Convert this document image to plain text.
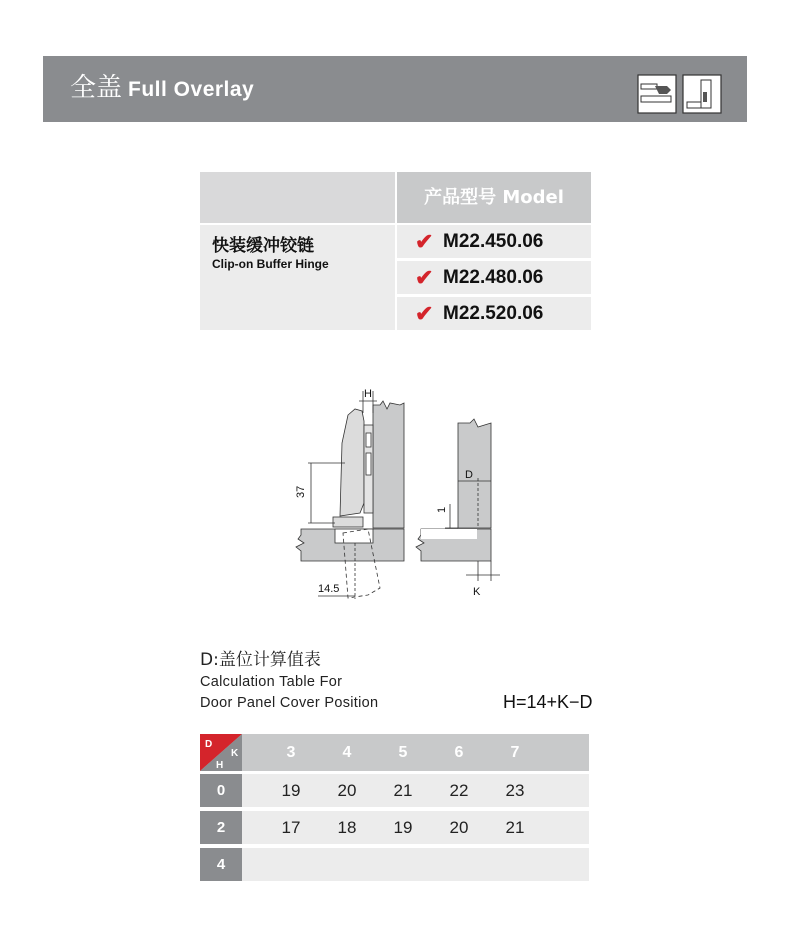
全盖 Full Overlay
产品型号 Model
快装缓冲铰链
Clip-on Buffer Hinge
✔ M22.450.06
✔ M22.480.06
✔ M22.520.06
H
37
14.5
D
1
K
D:盖位计算值表
Calculation Table For
Door Panel Cover Position	H=14+K−D
D
H
K	3	4	5	6	7
0	19	20	21	22	23
2	17	18	19	20	21
4
